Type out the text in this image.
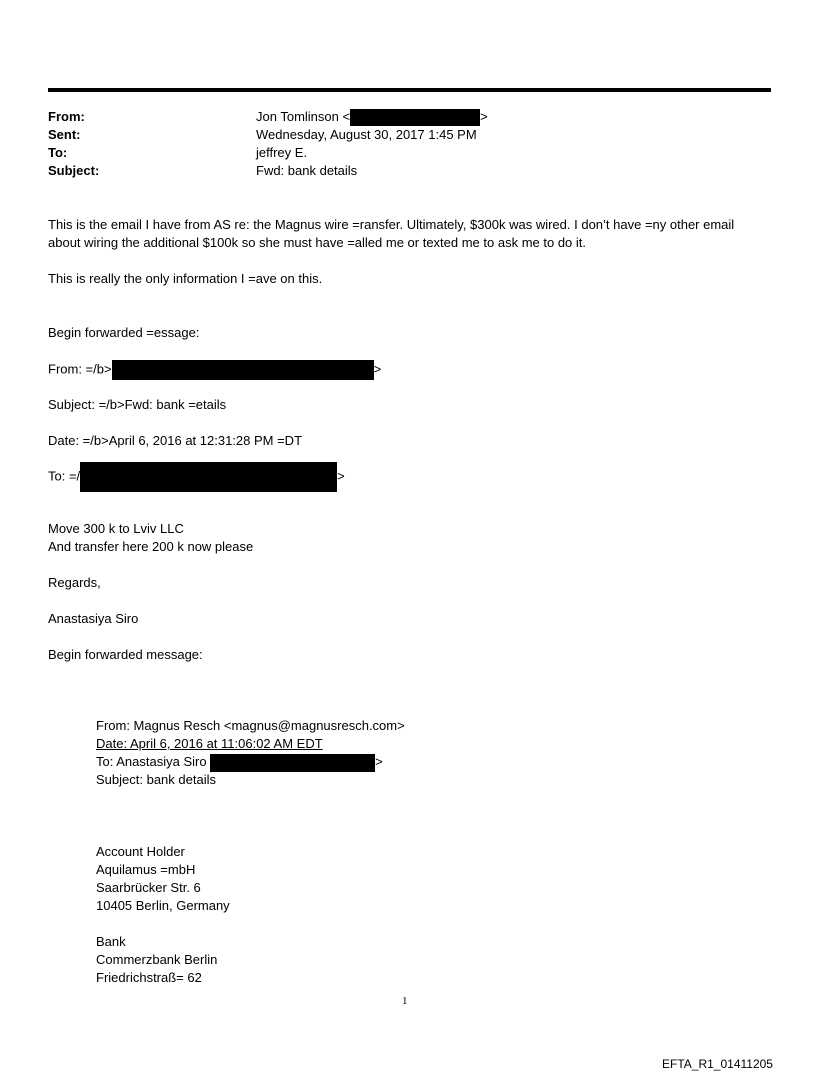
From:	Jon Tomlinson <	>
Sent:	Wednesday, August 30, 2017 1:45 PM
To:	jeffrey E.
Subject:	Fwd: bank details
This is the email I have from AS re: the Magnus wire =ransfer. Ultimately, $300k was wired. I don’t have =ny other email
about wiring the additional $100k so she must have =alled me or texted me to ask me to do it.
This is really the only information I =ave on this.
Begin forwarded =essage:
From: =/b>	>
Subject: =/b>Fwd: bank =etails
Date: =/b>April 6, 2016 at 12:31:28 PM =DT
To: =/	>
Move 300 k to Lviv LLC
And transfer here 200 k now please
Regards,
Anastasiya Siro
Begin forwarded message:
From: Magnus Resch <magnus@magnusresch.com>
Date: April 6, 2016 at 11:06:02 AM EDT
To: Anastasiya Siro	>
Subject: bank details
Account Holder
Aquilamus =mbH
Saarbrücker Str. 6
10405 Berlin, Germany
Bank
Commerzbank Berlin
Friedrichstraß= 62
1
EFTA_R1_01411205
